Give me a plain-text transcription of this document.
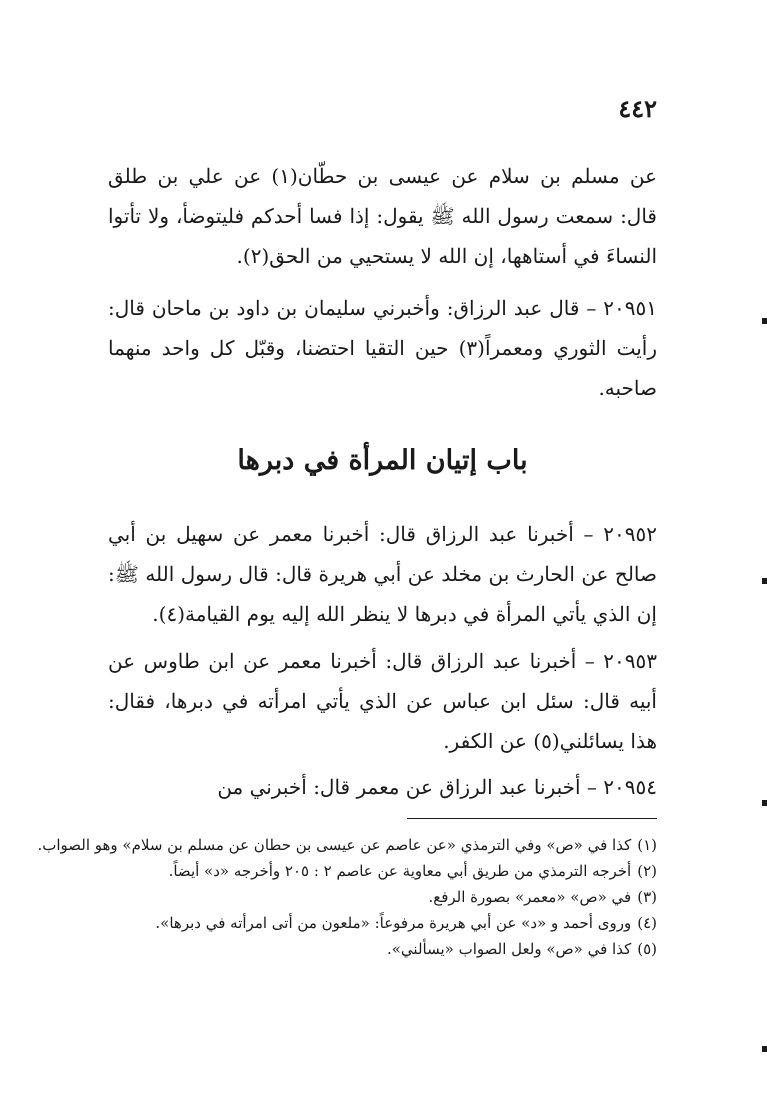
٤٤٢

عن مسلم بن سلام عن عيسى بن حطّان(١) عن علي بن طلق قال: سمعت رسول الله ﷺ يقول: إذا فسا أحدكم فليتوضأ، ولا تأتوا النساءَ في أستاهها، إن الله لا يستحيي من الحق(٢).

٢٠٩٥١ – قال عبد الرزاق: وأخبرني سليمان بن داود بن ماحان قال: رأيت الثوري ومعمراً(٣) حين التقيا احتضنا، وقبّل كل واحد منهما صاحبه.

باب إتيان المرأة في دبرها

٢٠٩٥٢ – أخبرنا عبد الرزاق قال: أخبرنا معمر عن سهيل بن أبي صالح عن الحارث بن مخلد عن أبي هريرة قال: قال رسول الله ﷺ: إن الذي يأتي المرأة في دبرها لا ينظر الله إليه يوم القيامة(٤).

٢٠٩٥٣ – أخبرنا عبد الرزاق قال: أخبرنا معمر عن ابن طاوس عن أبيه قال: سئل ابن عباس عن الذي يأتي امرأته في دبرها، فقال: هذا يسائلني(٥) عن الكفر.

٢٠٩٥٤ – أخبرنا عبد الرزاق عن معمر قال: أخبرني من

(١)كذا في «ص» وفي الترمذي «عن عاصم عن عيسى بن حطان عن مسلم بن سلام» وهو الصواب.

(٢)أخرجه الترمذي من طريق أبي معاوية عن عاصم ٢ : ٢٠٥ وأخرجه «د» أيضاً.

(٣)في «ص» «معمر» بصورة الرفع.

(٤)وروى أحمد و «د» عن أبي هريرة مرفوعاً: «ملعون من أتى امرأته في دبرها».

(٥)كذا في «ص» ولعل الصواب «يسألني».
